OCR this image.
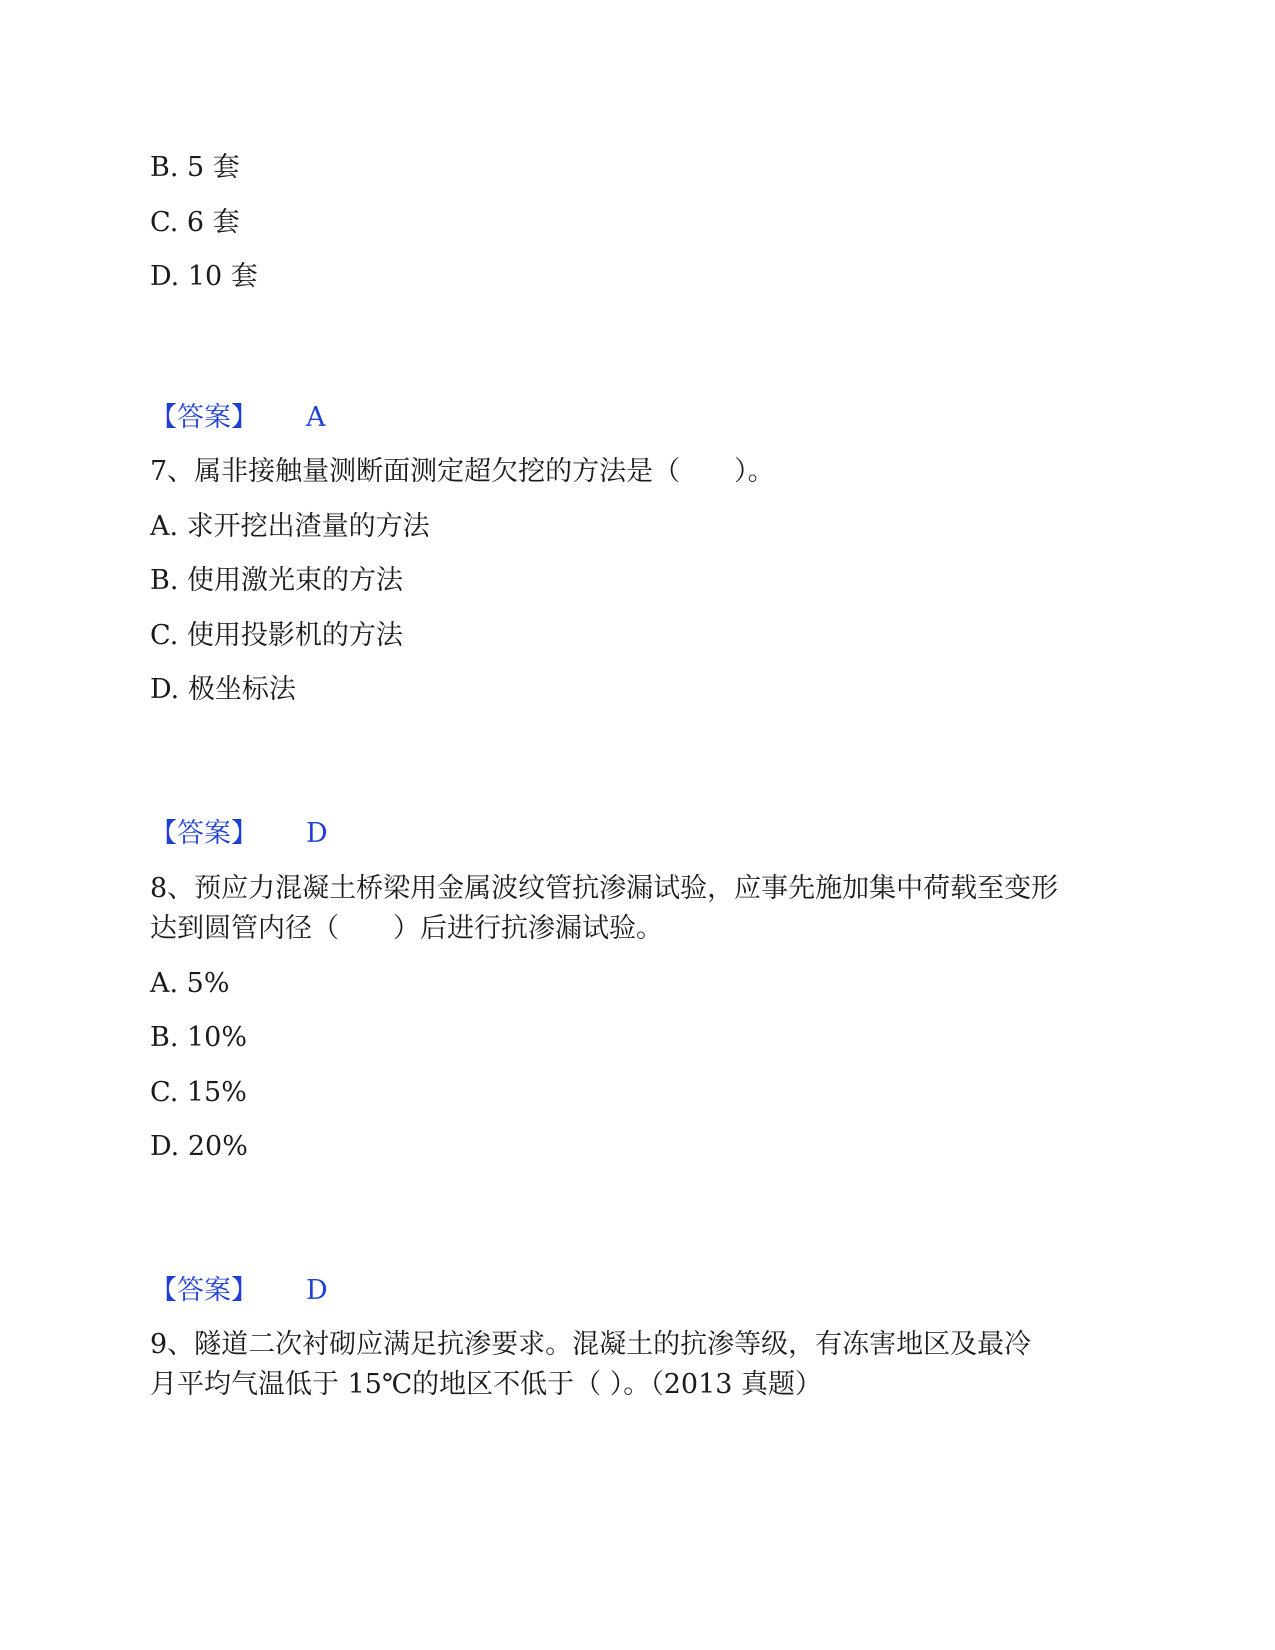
B. 5 套
C. 6 套
D. 10 套
【答案】 A
7、属非接触量测断面测定超欠挖的方法是（　　）。
A. 求开挖出渣量的方法
B. 使用激光束的方法
C. 使用投影机的方法
D. 极坐标法
【答案】 D
8、预应力混凝土桥梁用金属波纹管抗渗漏试验，应事先施加集中荷载至变形
达到圆管内径（　　）后进行抗渗漏试验。
A. 5%
B. 10%
C. 15%
D. 20%
【答案】 D
9、隧道二次衬砌应满足抗渗要求。混凝土的抗渗等级，有冻害地区及最冷
月平均气温低于 15℃的地区不低于（ ）。（2013 真题）
